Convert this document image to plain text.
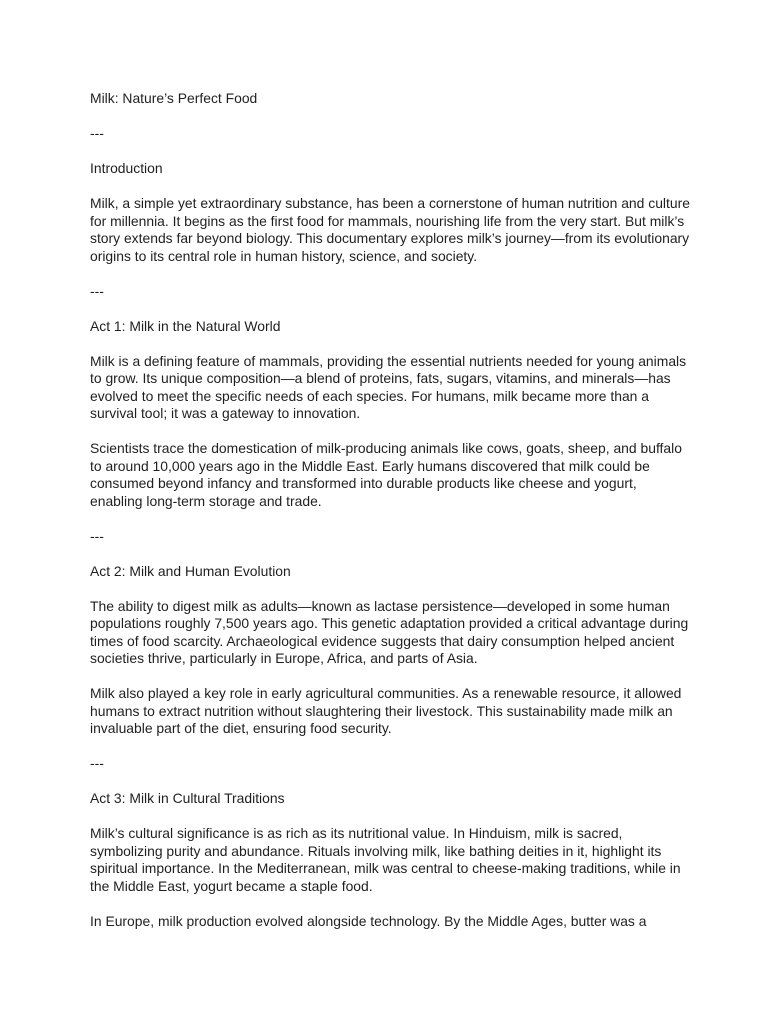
Milk: Nature’s Perfect Food

---

Introduction

Milk, a simple yet extraordinary substance, has been a cornerstone of human nutrition and culture for millennia. It begins as the first food for mammals, nourishing life from the very start. But milk’s story extends far beyond biology. This documentary explores milk’s journey—from its evolutionary origins to its central role in human history, science, and society.

---

Act 1: Milk in the Natural World

Milk is a defining feature of mammals, providing the essential nutrients needed for young animals to grow. Its unique composition—a blend of proteins, fats, sugars, vitamins, and minerals—has evolved to meet the specific needs of each species. For humans, milk became more than a survival tool; it was a gateway to innovation.

Scientists trace the domestication of milk-producing animals like cows, goats, sheep, and buffalo to around 10,000 years ago in the Middle East. Early humans discovered that milk could be consumed beyond infancy and transformed into durable products like cheese and yogurt, enabling long-term storage and trade.

---

Act 2: Milk and Human Evolution

The ability to digest milk as adults—known as lactase persistence—developed in some human populations roughly 7,500 years ago. This genetic adaptation provided a critical advantage during times of food scarcity. Archaeological evidence suggests that dairy consumption helped ancient societies thrive, particularly in Europe, Africa, and parts of Asia.

Milk also played a key role in early agricultural communities. As a renewable resource, it allowed humans to extract nutrition without slaughtering their livestock. This sustainability made milk an invaluable part of the diet, ensuring food security.

---

Act 3: Milk in Cultural Traditions

Milk’s cultural significance is as rich as its nutritional value. In Hinduism, milk is sacred, symbolizing purity and abundance. Rituals involving milk, like bathing deities in it, highlight its spiritual importance. In the Mediterranean, milk was central to cheese-making traditions, while in the Middle East, yogurt became a staple food.

In Europe, milk production evolved alongside technology. By the Middle Ages, butter was a
